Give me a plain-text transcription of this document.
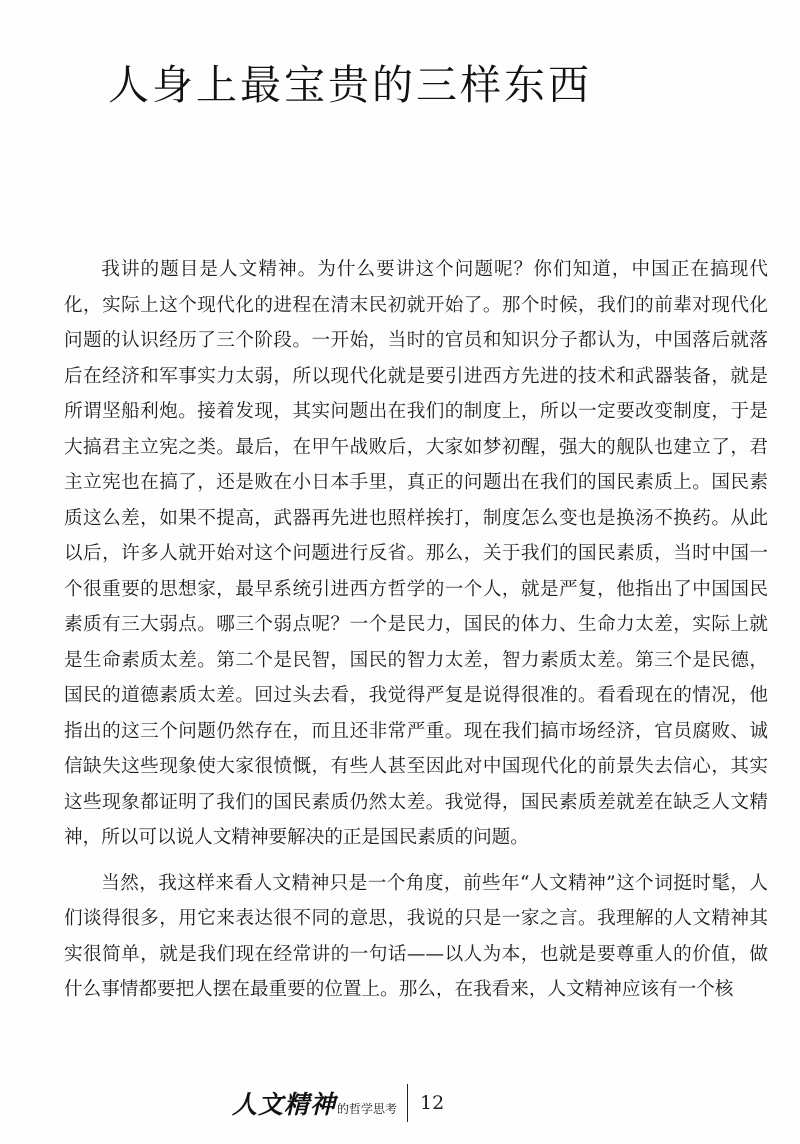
人身上最宝贵的三样东西

我讲的题目是人文精神。为什么要讲这个问题呢？你们知道，中国正在搞现代化，实际上这个现代化的进程在清末民初就开始了。那个时候，我们的前辈对现代化问题的认识经历了三个阶段。一开始，当时的官员和知识分子都认为，中国落后就落后在经济和军事实力太弱，所以现代化就是要引进西方先进的技术和武器装备，就是所谓坚船利炮。接着发现，其实问题出在我们的制度上，所以一定要改变制度，于是大搞君主立宪之类。最后，在甲午战败后，大家如梦初醒，强大的舰队也建立了，君主立宪也在搞了，还是败在小日本手里，真正的问题出在我们的国民素质上。国民素质这么差，如果不提高，武器再先进也照样挨打，制度怎么变也是换汤不换药。从此以后，许多人就开始对这个问题进行反省。那么，关于我们的国民素质，当时中国一个很重要的思想家，最早系统引进西方哲学的一个人，就是严复，他指出了中国国民素质有三大弱点。哪三个弱点呢？一个是民力，国民的体力、生命力太差，实际上就是生命素质太差。第二个是民智，国民的智力太差，智力素质太差。第三个是民德，国民的道德素质太差。回过头去看，我觉得严复是说得很准的。看看现在的情况，他指出的这三个问题仍然存在，而且还非常严重。现在我们搞市场经济，官员腐败、诚信缺失这些现象使大家很愤慨，有些人甚至因此对中国现代化的前景失去信心，其实这些现象都证明了我们的国民素质仍然太差。我觉得，国民素质差就差在缺乏人文精神，所以可以说人文精神要解决的正是国民素质的问题。

当然，我这样来看人文精神只是一个角度，前些年“人文精神”这个词挺时髦，人们谈得很多，用它来表达很不同的意思，我说的只是一家之言。我理解的人文精神其实很简单，就是我们现在经常讲的一句话——以人为本，也就是要尊重人的价值，做什么事情都要把人摆在最重要的位置上。那么，在我看来，人文精神应该有一个核

人文精神 的哲学思考 12
